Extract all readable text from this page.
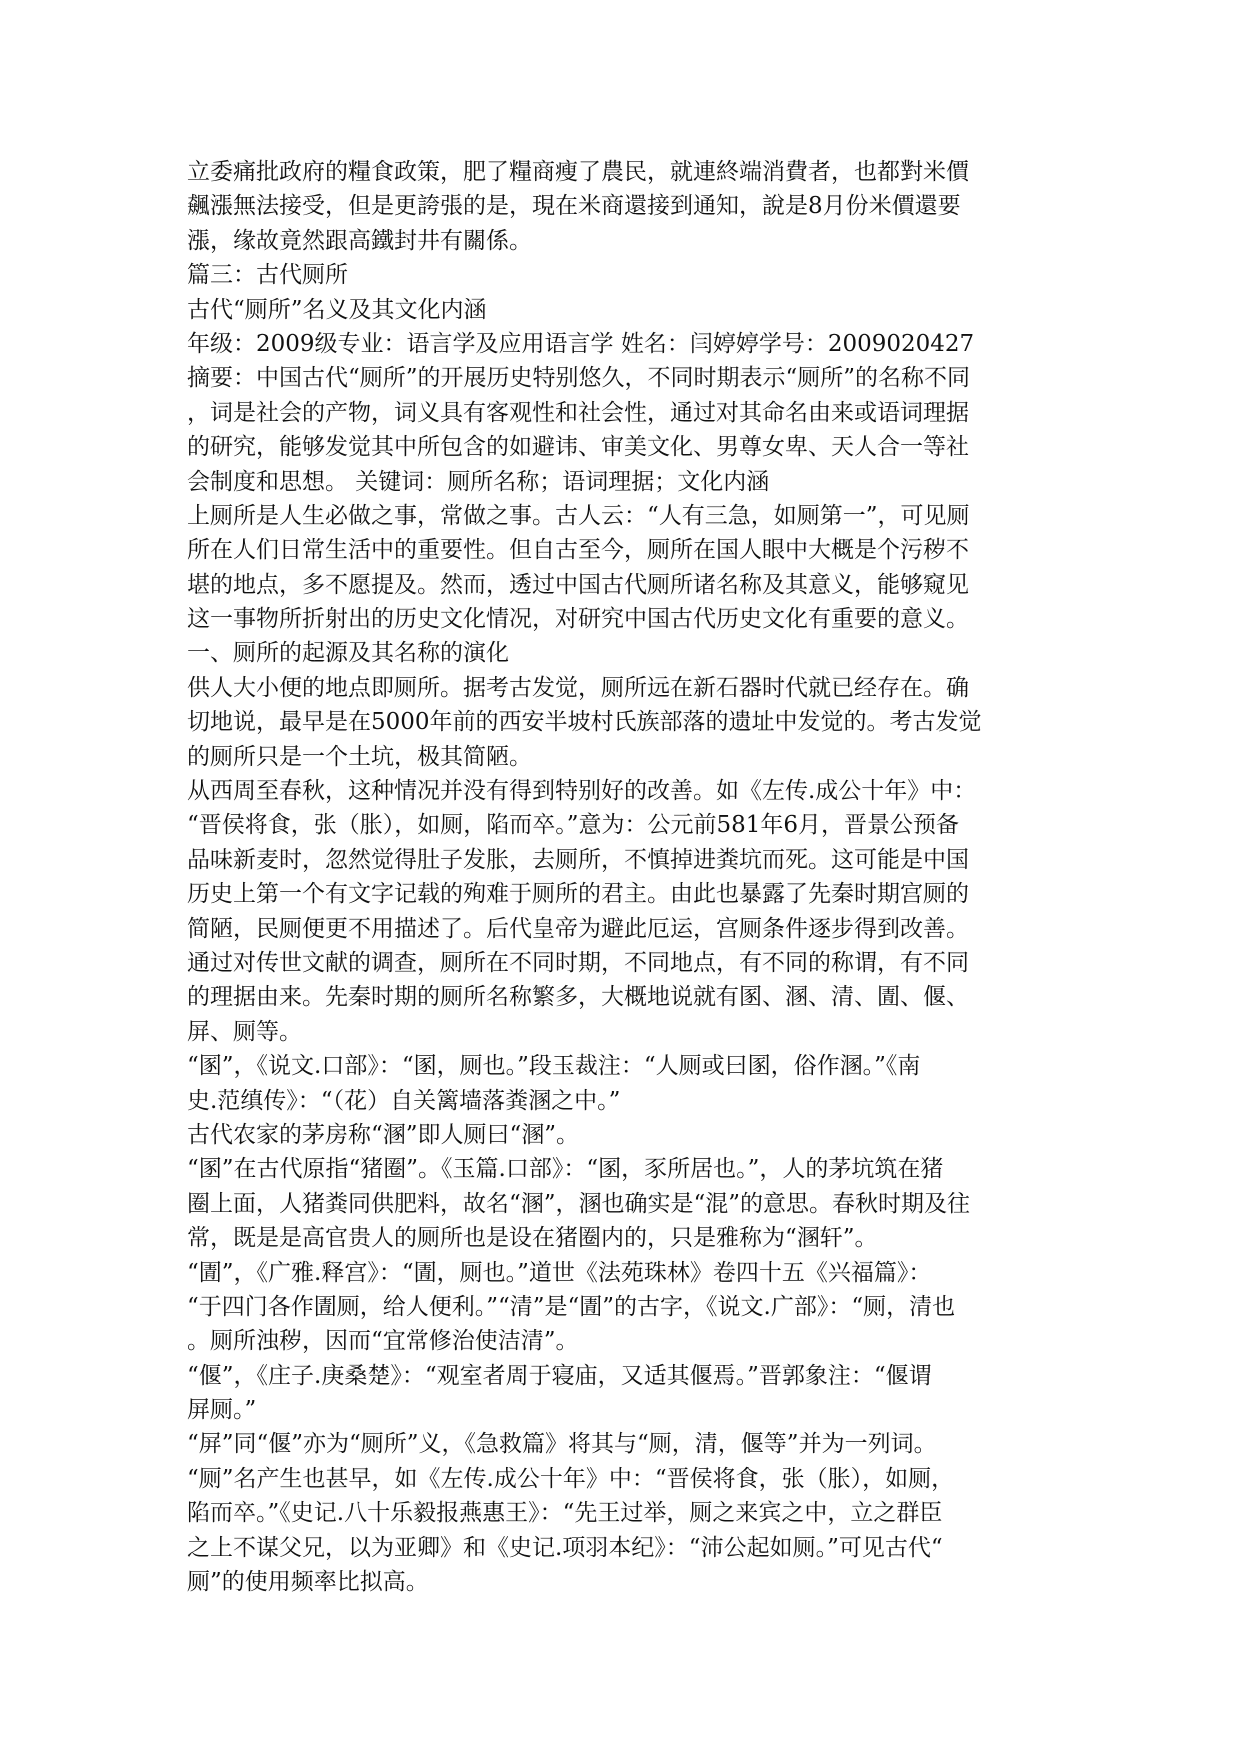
立委痛批政府的糧食政策，肥了糧商瘦了農民，就連終端消費者，也都對米價
飆漲無法接受，但是更誇張的是，現在米商還接到通知，說是8月份米價還要
漲，缘故竟然跟高鐵封井有關係。
篇三：古代厕所
古代“厕所”名义及其文化内涵
年级：2009级专业：语言学及应用语言学 姓名：闫婷婷学号：2009020427
摘要：中国古代“厕所”的开展历史特别悠久，不同时期表示“厕所”的名称不同
，词是社会的产物，词义具有客观性和社会性，通过对其命名由来或语词理据
的研究，能够发觉其中所包含的如避讳、审美文化、男尊女卑、天人合一等社
会制度和思想。 关键词：厕所名称；语词理据；文化内涵
上厕所是人生必做之事，常做之事。古人云：“人有三急，如厕第一”，可见厕
所在人们日常生活中的重要性。但自古至今，厕所在国人眼中大概是个污秽不
堪的地点，多不愿提及。然而，透过中国古代厕所诸名称及其意义，能够窥见
这一事物所折射出的历史文化情况，对研究中国古代历史文化有重要的意义。
一、厕所的起源及其名称的演化
供人大小便的地点即厕所。据考古发觉，厕所远在新石器时代就已经存在。确
切地说，最早是在5000年前的西安半坡村氏族部落的遗址中发觉的。考古发觉
的厕所只是一个土坑，极其简陋。
从西周至春秋，这种情况并没有得到特别好的改善。如《左传.成公十年》中：
“晋侯将食，张（胀），如厕，陷而卒。”意为：公元前581年6月，晋景公预备
品味新麦时，忽然觉得肚子发胀，去厕所，不慎掉进粪坑而死。这可能是中国
历史上第一个有文字记载的殉难于厕所的君主。由此也暴露了先秦时期宫厕的
简陋，民厕便更不用描述了。后代皇帝为避此厄运，宫厕条件逐步得到改善。
通过对传世文献的调查，厕所在不同时期，不同地点，有不同的称谓，有不同
的理据由来。先秦时期的厕所名称繁多，大概地说就有圂、溷、清、圊、偃、
屏、厕等。
“圂”，《说文.口部》：“圂，厕也。”段玉裁注：“人厕或曰圂，俗作溷。”《南
史.范缜传》：“（花）自关篱墙落粪溷之中。”
古代农家的茅房称“溷”即人厕曰“溷”。
“圂”在古代原指“猪圈”。《玉篇.口部》：“圂，豕所居也。”，人的茅坑筑在猪
圈上面，人猪粪同供肥料，故名“溷”，溷也确实是“混”的意思。春秋时期及往
常，既是是高官贵人的厕所也是设在猪圈内的，只是雅称为“溷轩”。
“圊”，《广雅.释宫》：“圊，厕也。”道世《法苑珠林》卷四十五《兴福篇》：
“于四门各作圊厕，给人便利。”“清”是“圊”的古字，《说文.广部》：“厕，清也
。厕所浊秽，因而“宜常修治使洁清”。
“偃”，《庄子.庚桑楚》：“观室者周于寝庙，又适其偃焉。”晋郭象注：“偃谓
屏厕。”
“屏”同“偃”亦为“厕所”义，《急救篇》将其与“厕，清，偃等”并为一列词。
“厕”名产生也甚早，如《左传.成公十年》中：“晋侯将食，张（胀），如厕，
陷而卒。”《史记.八十乐毅报燕惠王》：“先王过举，厕之来宾之中，立之群臣
之上不谋父兄，以为亚卿》和《史记.项羽本纪》：“沛公起如厕。”可见古代“
厕”的使用频率比拟高。
